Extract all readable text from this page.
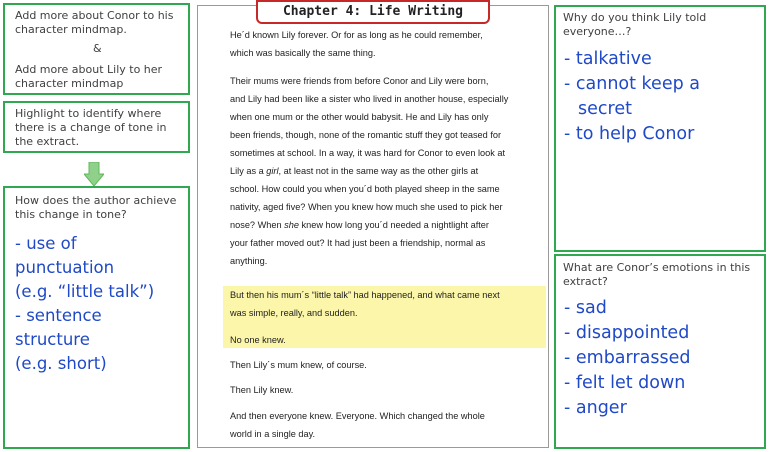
Add more about Conor to his
character mindmap.
&
Add more about Lily to her
character mindmap
Highlight to identify where
there is a change of tone in
the extract.
How does the author achieve
this change in tone?
- use of
punctuation
(e.g. “little talk”)
- sentence
structure
(e.g. short)
He´d known Lily forever. Or for as long as he could remember,
which was basically the same thing.
Their mums were friends from before Conor and Lily were born,
and Lily had been like a sister who lived in another house, especially
when one mum or the other would babysit. He and Lily has only
been friends, though, none of the romantic stuff they got teased for
sometimes at school. In a way, it was hard for Conor to even look at
Lily as a girl, at least not in the same way as the other girls at
school. How could you when you´d both played sheep in the same
nativity, aged five? When you knew how much she used to pick her
nose? When she knew how long you´d needed a nightlight after
your father moved out? It had just been a friendship, normal as
anything.
But then his mum´s “little talk” had happened, and what came next
was simple, really, and sudden.
No one knew.
Then Lily´s mum knew, of course.
Then Lily knew.
And then everyone knew. Everyone. Which changed the whole
world in a single day.
Chapter 4: Life Writing	Why do you think Lily told
everyone…?
- talkative
- cannot keep a
secret
- to help Conor
What are Conor’s emotions in this
extract?
- sad
- disappointed
- embarrassed
- felt let down
- anger
